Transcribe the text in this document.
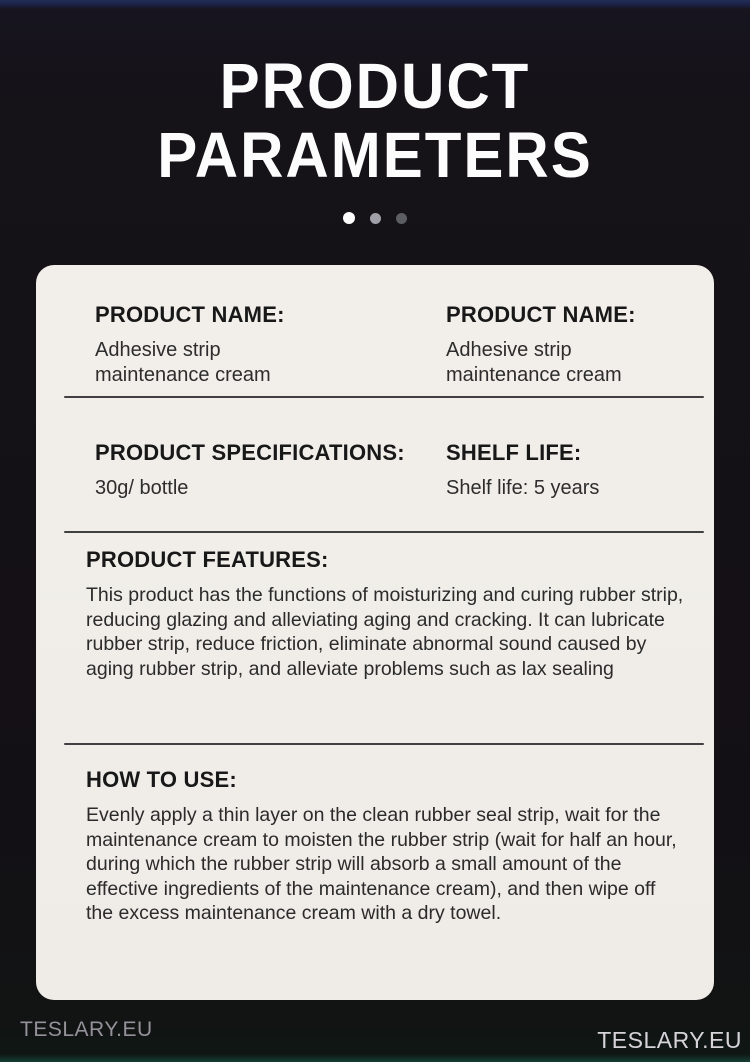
PRODUCT
PARAMETERS
PRODUCT NAME:
Adhesive strip maintenance cream
PRODUCT NAME:
Adhesive strip maintenance cream
PRODUCT SPECIFICATIONS:
30g/ bottle
SHELF LIFE:
Shelf life: 5 years
PRODUCT FEATURES:

This product has the functions of moisturizing and curing rubber strip, reducing glazing and alleviating aging and cracking. It can lubricate rubber strip, reduce friction, eliminate abnormal sound caused by aging rubber strip, and alleviate problems such as lax sealing

HOW TO USE:

Evenly apply a thin layer on the clean rubber seal strip, wait for the maintenance cream to moisten the rubber strip (wait for half an hour, during which the rubber strip will absorb a small amount of the effective ingredients of the maintenance cream), and then wipe off the excess maintenance cream with a dry towel.

TESLARY.EU	TESLARY.EU
